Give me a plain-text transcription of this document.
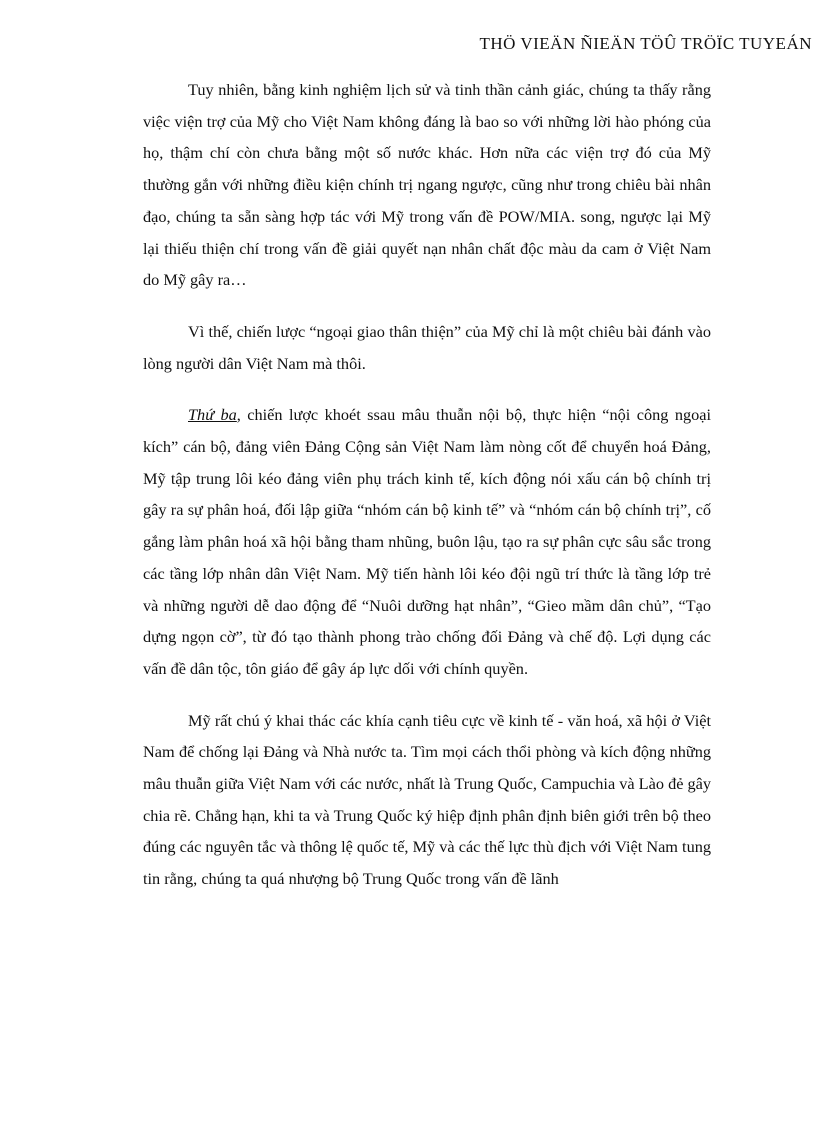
THÖ VIEÄN ÑIEÄN TÖÛ TRÖÏC TUYEÁN

Tuy nhiên, bằng kinh nghiệm lịch sử và tinh thần cảnh giác, chúng ta thấy rằng việc viện trợ của Mỹ cho Việt Nam không đáng là bao so với những lời hào phóng của họ, thậm chí còn chưa bằng một số nước khác. Hơn nữa các viện trợ đó của Mỹ thường gắn với những điều kiện chính trị ngang ngược, cũng như trong chiêu bài nhân đạo, chúng ta sẵn sàng hợp tác với Mỹ trong vấn đề POW/MIA. song, ngược lại Mỹ lại thiếu thiện chí trong vấn đề giải quyết nạn nhân chất độc màu da cam ở Việt Nam do Mỹ gây ra…

Vì thế, chiến lược “ngoại giao thân thiện” của Mỹ chỉ là một chiêu bài đánh vào lòng người dân Việt Nam mà thôi.

Thứ ba, chiến lược khoét ssau mâu thuẫn nội bộ, thực hiện “nội công ngoại kích” cán bộ, đảng viên Đảng Cộng sản Việt Nam làm nòng cốt để chuyển hoá Đảng, Mỹ tập trung lôi kéo đảng viên phụ trách kinh tế, kích động nói xấu cán bộ chính trị gây ra sự phân hoá, đối lập giữa “nhóm cán bộ kinh tế” và “nhóm cán bộ chính trị”, cố gắng làm phân hoá xã hội bằng tham nhũng, buôn lậu, tạo ra sự phân cực sâu sắc trong các tầng lớp nhân dân Việt Nam. Mỹ tiến hành lôi kéo đội ngũ trí thức là tầng lớp trẻ và những người dễ dao động để “Nuôi dưỡng hạt nhân”, “Gieo mầm dân chủ”, “Tạo dựng ngọn cờ”, từ đó tạo thành phong trào chống đối Đảng và chế độ. Lợi dụng các vấn đề dân tộc, tôn giáo để gây áp lực dối với chính quyền.

Mỹ rất chú ý khai thác các khía cạnh tiêu cực về kinh tế - văn hoá, xã hội ở Việt Nam để chống lại Đảng và Nhà nước ta. Tìm mọi cách thổi phòng và kích động những mâu thuẫn giữa Việt Nam với các nước, nhất là Trung Quốc, Campuchia và Lào đẻ gây chia rẽ. Chẳng hạn, khi ta và Trung Quốc ký hiệp định phân định biên giới trên bộ theo đúng các nguyên tắc và thông lệ quốc tế, Mỹ và các thế lực thù địch với Việt Nam tung tin rằng, chúng ta quá nhượng bộ Trung Quốc trong vấn đề lãnh
